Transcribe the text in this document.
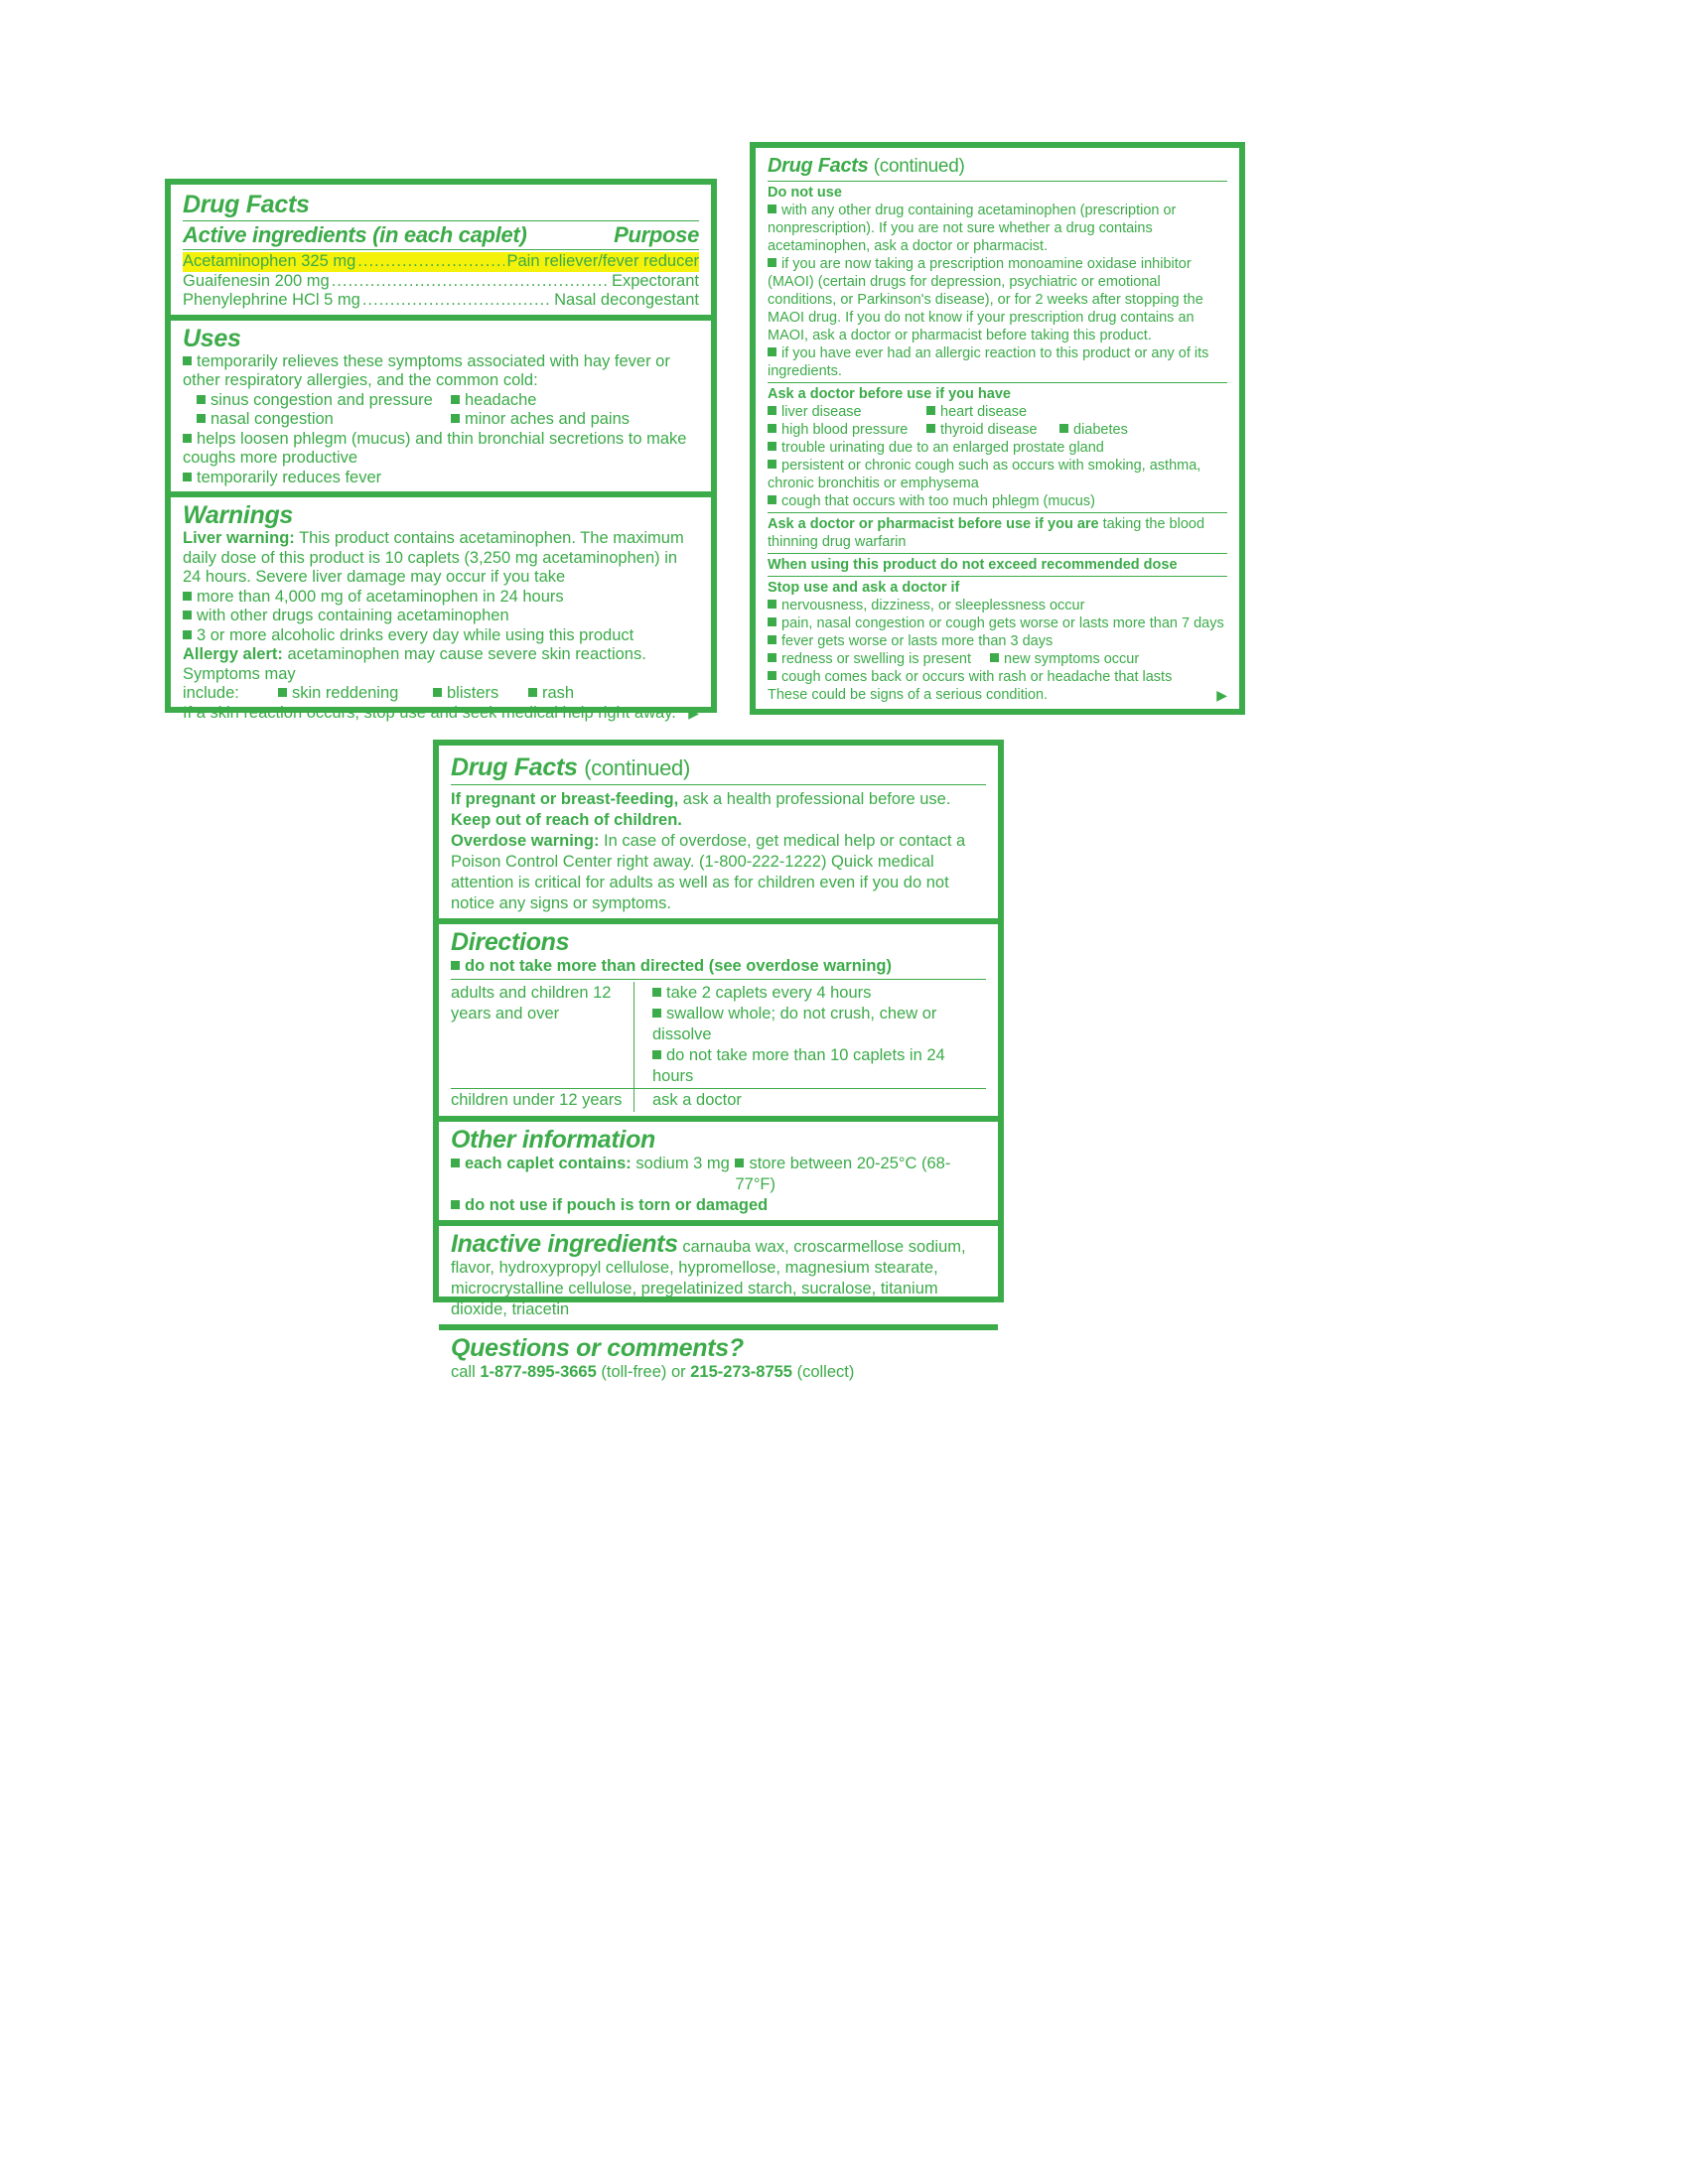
Drug Facts
Active ingredients (in each caplet)	Purpose
Acetaminophen 325 mg .....	Pain reliever/fever reducer
Guaifenesin 200 mg .....	Expectorant
Phenylephrine HCl 5 mg .....	Nasal decongestant
Uses
temporarily relieves these symptoms associated with hay fever or other respiratory allergies, and the common cold:
sinus congestion and pressure	headache
nasal congestion	minor aches and pains
helps loosen phlegm (mucus) and thin bronchial secretions to make coughs more productive
temporarily reduces fever
Warnings
Liver warning: This product contains acetaminophen. The maximum daily dose of this product is 10 caplets (3,250 mg acetaminophen) in 24 hours. Severe liver damage may occur if you take
more than 4,000 mg of acetaminophen in 24 hours
with other drugs containing acetaminophen
3 or more alcoholic drinks every day while using this product
Allergy alert: acetaminophen may cause severe skin reactions. Symptoms may
include:	skin reddening	blisters	rash
If a skin reaction occurs, stop use and seek medical help right away. ▶
Drug Facts (continued)
Do not use
with any other drug containing acetaminophen (prescription or nonprescription). If you are not sure whether a drug contains acetaminophen, ask a doctor or pharmacist.
if you are now taking a prescription monoamine oxidase inhibitor (MAOI) (certain drugs for depression, psychiatric or emotional conditions, or Parkinson's disease), or for 2 weeks after stopping the MAOI drug. If you do not know if your prescription drug contains an MAOI, ask a doctor or pharmacist before taking this product.
if you have ever had an allergic reaction to this product or any of its ingredients.
Ask a doctor before use if you have
liver disease	heart disease
high blood pressure	thyroid disease	diabetes
trouble urinating due to an enlarged prostate gland
persistent or chronic cough such as occurs with smoking, asthma, chronic bronchitis or emphysema
cough that occurs with too much phlegm (mucus)
Ask a doctor or pharmacist before use if you are taking the blood thinning drug warfarin
When using this product do not exceed recommended dose
Stop use and ask a doctor if
nervousness, dizziness, or sleeplessness occur
pain, nasal congestion or cough gets worse or lasts more than 7 days
fever gets worse or lasts more than 3 days
redness or swelling is present	new symptoms occur
cough comes back or occurs with rash or headache that lasts
These could be signs of a serious condition.	▶
Drug Facts (continued)
If pregnant or breast-feeding, ask a health professional before use.
Keep out of reach of children.
Overdose warning: In case of overdose, get medical help or contact a Poison Control Center right away. (1-800-222-1222) Quick medical attention is critical for adults as well as for children even if you do not notice any signs or symptoms.
Directions
do not take more than directed (see overdose warning)
adults and children 12 years and over	take 2 caplets every 4 hours
swallow whole; do not crush, chew or dissolve
do not take more than 10 caplets in 24 hours

children under 12 years	ask a doctor
Other information
each caplet contains: sodium 3 mg	store between 20-25°C (68-77°F)
do not use if pouch is torn or damaged
Inactive ingredients carnauba wax, croscarmellose sodium, flavor, hydroxypropyl cellulose, hypromellose, magnesium stearate, microcrystalline cellulose, pregelatinized starch, sucralose, titanium dioxide, triacetin
Questions or comments?
call 1-877-895-3665 (toll-free) or 215-273-8755 (collect)
